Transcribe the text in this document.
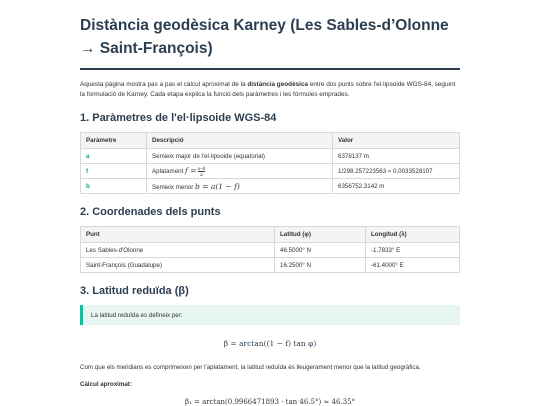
Distància geodèsica Karney (Les Sables-d’Olonne → Saint-François)

Aquesta pàgina mostra pas a pas el càlcul aproximat de la distància geodèsica entre dos punts sobre l'el·lipsoide WGS-84, seguint la formulació de Karney. Cada etapa explica la funció dels paràmetres i les fórmules emprades.

1. Paràmetres de l'el·lipsoide WGS-84
Paràmetre	Descripció	Valor
a	Semieix major de l'el·lipsoide (equatorial)	6378137 m
f	Aplatament $f = \frac{a-b}{a}$	1/298.257223563 ≈ 0.0033528107
b	Semieix menor b = a(1 − f)	6356752.3142 m
2. Coordenades dels punts
Punt	Latitud (φ)	Longitud (λ)
Les Sables-d'Olonne	46.5000° N	-1.7833° E
Saint-François (Guadalupe)	16.2500° N	-61.4000° E
3. Latitud reduïda (β)
La latitud reduïda es defineix per:
β = arctan((1 − f) tan φ)

Com que els meridians es comprimeixen per l'aplatament, la latitud reduïda és lleugerament menor que la latitud geogràfica.

Càlcul aproximat:

β₁ = arctan(0.9966471893 · tan 46.5°) ≈ 46.35°
